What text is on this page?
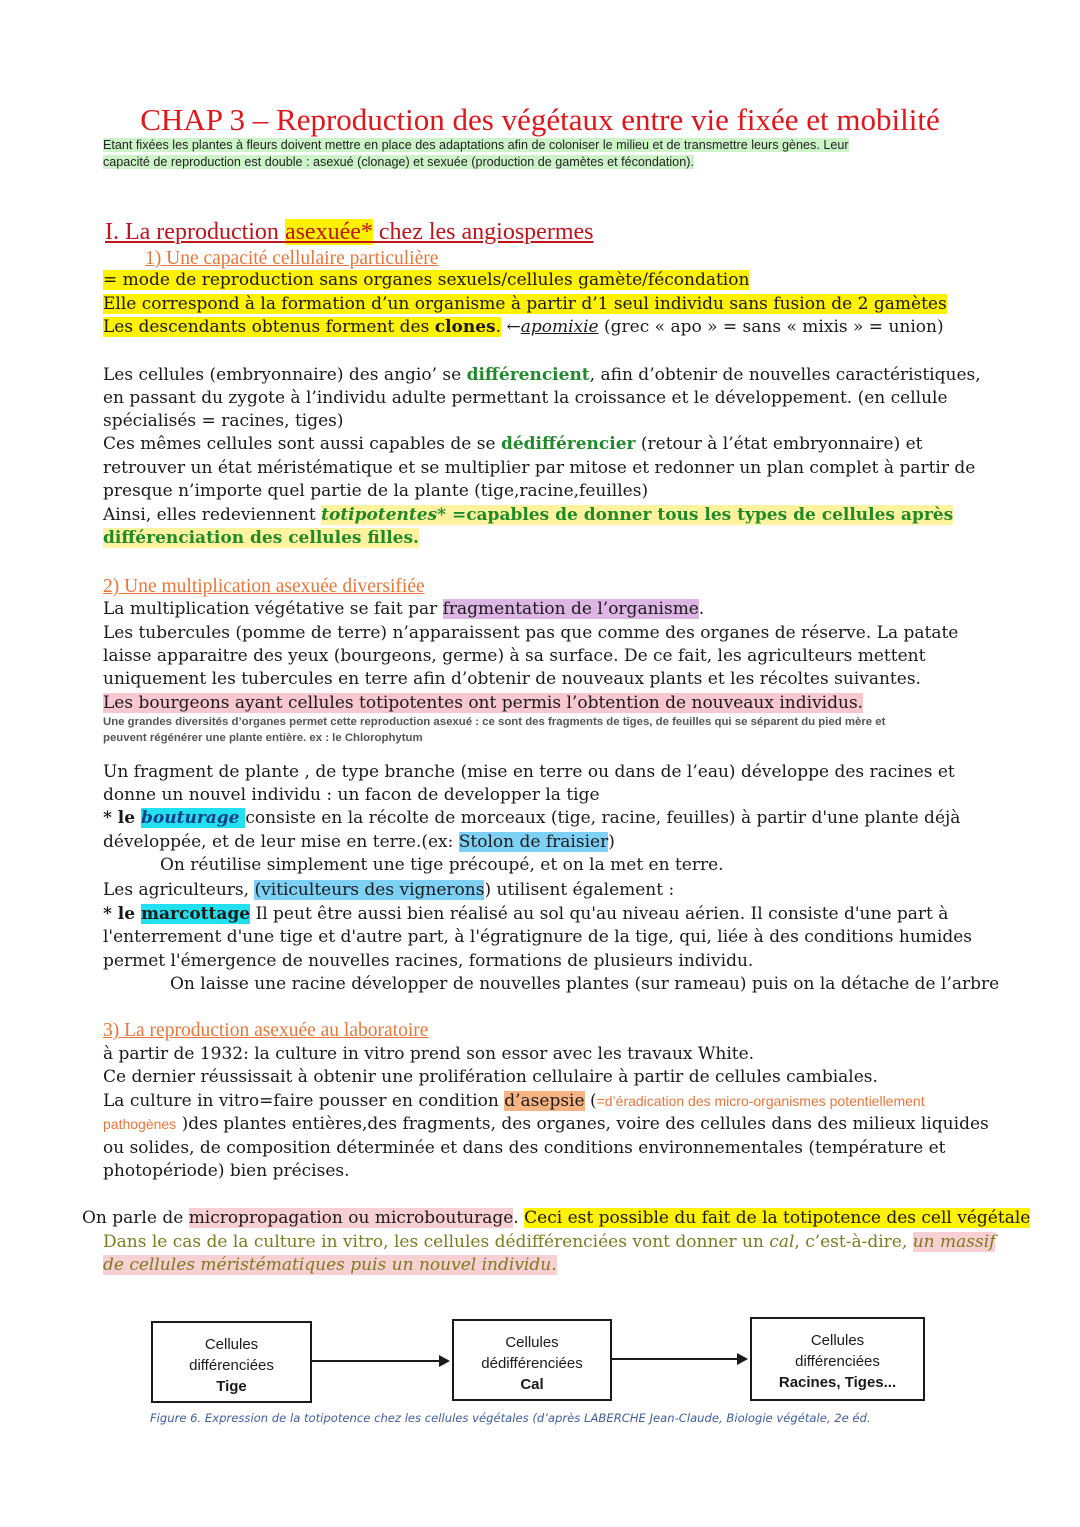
CHAP 3 – Reproduction des végétaux entre vie fixée et mobilité
Etant fixées les plantes à fleurs doivent mettre en place des adaptations afin de coloniser le milieu et de transmettre leurs gènes. Leur
capacité de reproduction est double : asexué (clonage) et sexuée (production de gamètes et fécondation).
I. La reproduction asexuée* chez les angiospermes
1) Une capacité cellulaire particulière
= mode de reproduction sans organes sexuels/cellules gamète/fécondation
Elle correspond à la formation d’un organisme à partir d’1 seul individu sans fusion de 2 gamètes
Les descendants obtenus forment des clones. ←apomixie (grec « apo » = sans « mixis » = union)
Les cellules (embryonnaire) des angio’ se différencient, afin d’obtenir de nouvelles caractéristiques,
en passant du zygote à l’individu adulte permettant la croissance et le développement. (en cellule
spécialisés = racines, tiges)
Ces mêmes cellules sont aussi capables de se dédifférencier (retour à l’état embryonnaire) et
retrouver un état méristématique et se multiplier par mitose et redonner un plan complet à partir de
presque n’importe quel partie de la plante (tige,racine,feuilles)
Ainsi, elles redeviennent totipotentes* =capables de donner tous les types de cellules après
différenciation des cellules filles.
2) Une multiplication asexuée diversifiée
La multiplication végétative se fait par fragmentation de l’organisme.
Les tubercules (pomme de terre) n’apparaissent pas que comme des organes de réserve. La patate
laisse apparaitre des yeux (bourgeons, germe) à sa surface. De ce fait, les agriculteurs mettent
uniquement les tubercules en terre afin d’obtenir de nouveaux plants et les récoltes suivantes.
Les bourgeons ayant cellules totipotentes ont permis l’obtention de nouveaux individus.
Une grandes diversités d’organes permet cette reproduction asexué : ce sont des fragments de tiges, de feuilles qui se séparent du pied mère et
peuvent régénérer une plante entière. ex : le Chlorophytum
Un fragment de plante , de type branche (mise en terre ou dans de l’eau) développe des racines et
donne un nouvel individu : un facon de developper la tige
* le bouturage consiste en la récolte de morceaux (tige, racine, feuilles) à partir d'une plante déjà
développée, et de leur mise en terre.(ex: Stolon de fraisier)
On réutilise simplement une tige précoupé, et on la met en terre.
Les agriculteurs, (viticulteurs des vignerons) utilisent également :
* le marcottage Il peut être aussi bien réalisé au sol qu'au niveau aérien. Il consiste d'une part à
l'enterrement d'une tige et d'autre part, à l'égratignure de la tige, qui, liée à des conditions humides
permet l'émergence de nouvelles racines, formations de plusieurs individu.
On laisse une racine développer de nouvelles plantes (sur rameau) puis on la détache de l’arbre
3) La reproduction asexuée au laboratoire
à partir de 1932: la culture in vitro prend son essor avec les travaux White.
Ce dernier réussissait à obtenir une prolifération cellulaire à partir de cellules cambiales.
La culture in vitro=faire pousser en condition d’asepsie (=d’éradication des micro-organismes potentiellement
pathogènes )des plantes entières,des fragments, des organes, voire des cellules dans des milieux liquides
ou solides, de composition déterminée et dans des conditions environnementales (température et
photopériode) bien précises.
On parle de micropropagation ou microbouturage. Ceci est possible du fait de la totipotence des cell végétale
Dans le cas de la culture in vitro, les cellules dédifférenciées vont donner un cal, c’est-à-dire, un massif
de cellules méristématiques puis un nouvel individu.
Cellules
différenciées
Tige
Cellules
dédifférenciées
Cal
Cellules
différenciées
Racines, Tiges...
Figure 6. Expression de la totipotence chez les cellules végétales (d’après LABERCHE Jean-Claude, Biologie végétale, 2e éd.
